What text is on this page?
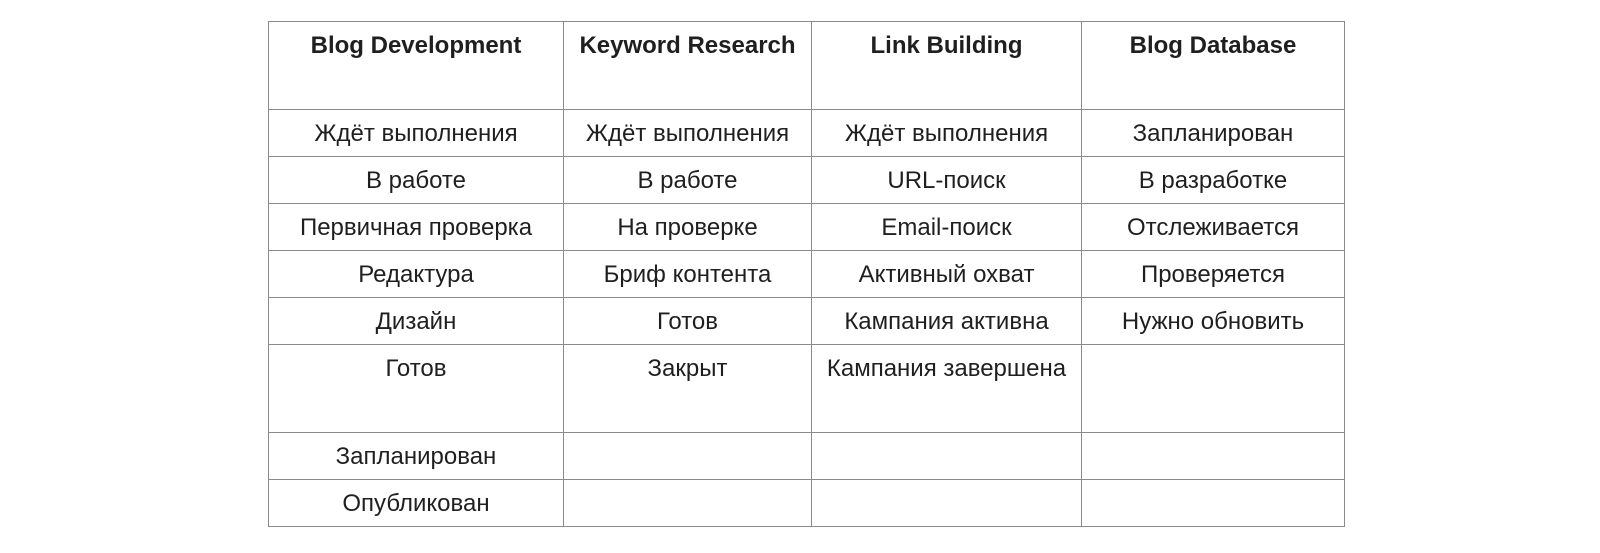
Blog Development	Keyword Research	Link Building	Blog Database
Ждёт выполнения	Ждёт выполнения	Ждёт выполнения	Запланирован
В работе	В работе	URL-поиск	В разработке
Первичная проверка	На проверке	Email-поиск	Отслеживается
Редактура	Бриф контента	Активный охват	Проверяется
Дизайн	Готов	Кампания активна	Нужно обновить
Готов	Закрыт	Кампания завершена	
Запланирован			
Опубликован			
